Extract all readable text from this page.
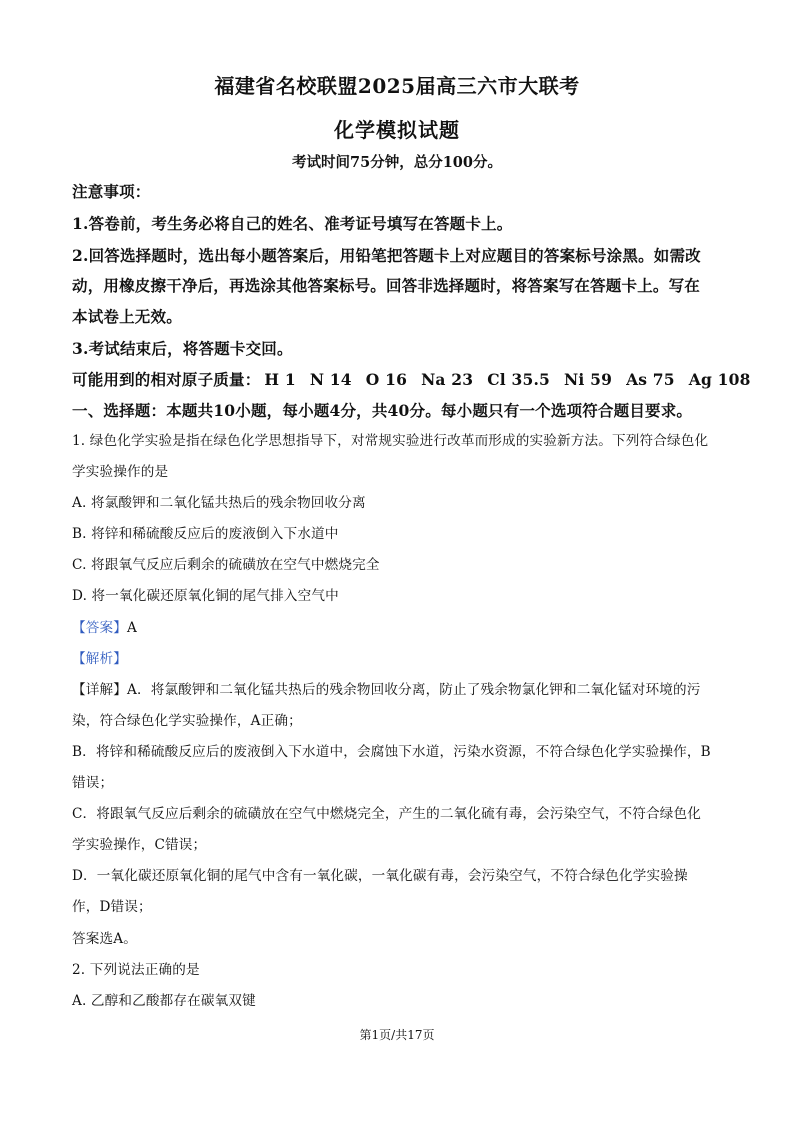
福建省名校联盟2025届高三六市大联考
化学模拟试题
考试时间75分钟，总分100分。
注意事项：
1.答卷前，考生务必将自己的姓名、准考证号填写在答题卡上。
2.回答选择题时，选出每小题答案后，用铅笔把答题卡上对应题目的答案标号涂黑。如需改
动，用橡皮擦干净后，再选涂其他答案标号。回答非选择题时，将答案写在答题卡上。写在
本试卷上无效。
3.考试结束后，将答题卡交回。
可能用到的相对原子质量： H 1 N 14 O 16 Na 23 Cl 35.5 Ni 59 As 75 Ag 108
一、选择题：本题共10小题，每小题4分，共40分。每小题只有一个选项符合题目要求。
1. 绿色化学实验是指在绿色化学思想指导下，对常规实验进行改革而形成的实验新方法。下列符合绿色化
学实验操作的是
A. 将氯酸钾和二氧化锰共热后的残余物回收分离
B. 将锌和稀硫酸反应后的废液倒入下水道中
C. 将跟氧气反应后剩余的硫磺放在空气中燃烧完全
D. 将一氧化碳还原氧化铜的尾气排入空气中
【答案】A
【解析】
【详解】A．将氯酸钾和二氧化锰共热后的残余物回收分离，防止了残余物氯化钾和二氧化锰对环境的污
染，符合绿色化学实验操作，A正确；
B．将锌和稀硫酸反应后的废液倒入下水道中，会腐蚀下水道，污染水资源，不符合绿色化学实验操作，B
错误；
C．将跟氧气反应后剩余的硫磺放在空气中燃烧完全，产生的二氧化硫有毒，会污染空气，不符合绿色化
学实验操作，C错误；
D．一氧化碳还原氧化铜的尾气中含有一氧化碳，一氧化碳有毒，会污染空气，不符合绿色化学实验操
作，D错误；
答案选A。
2. 下列说法正确的是
A. 乙醇和乙酸都存在碳氧双键
第1页/共17页
